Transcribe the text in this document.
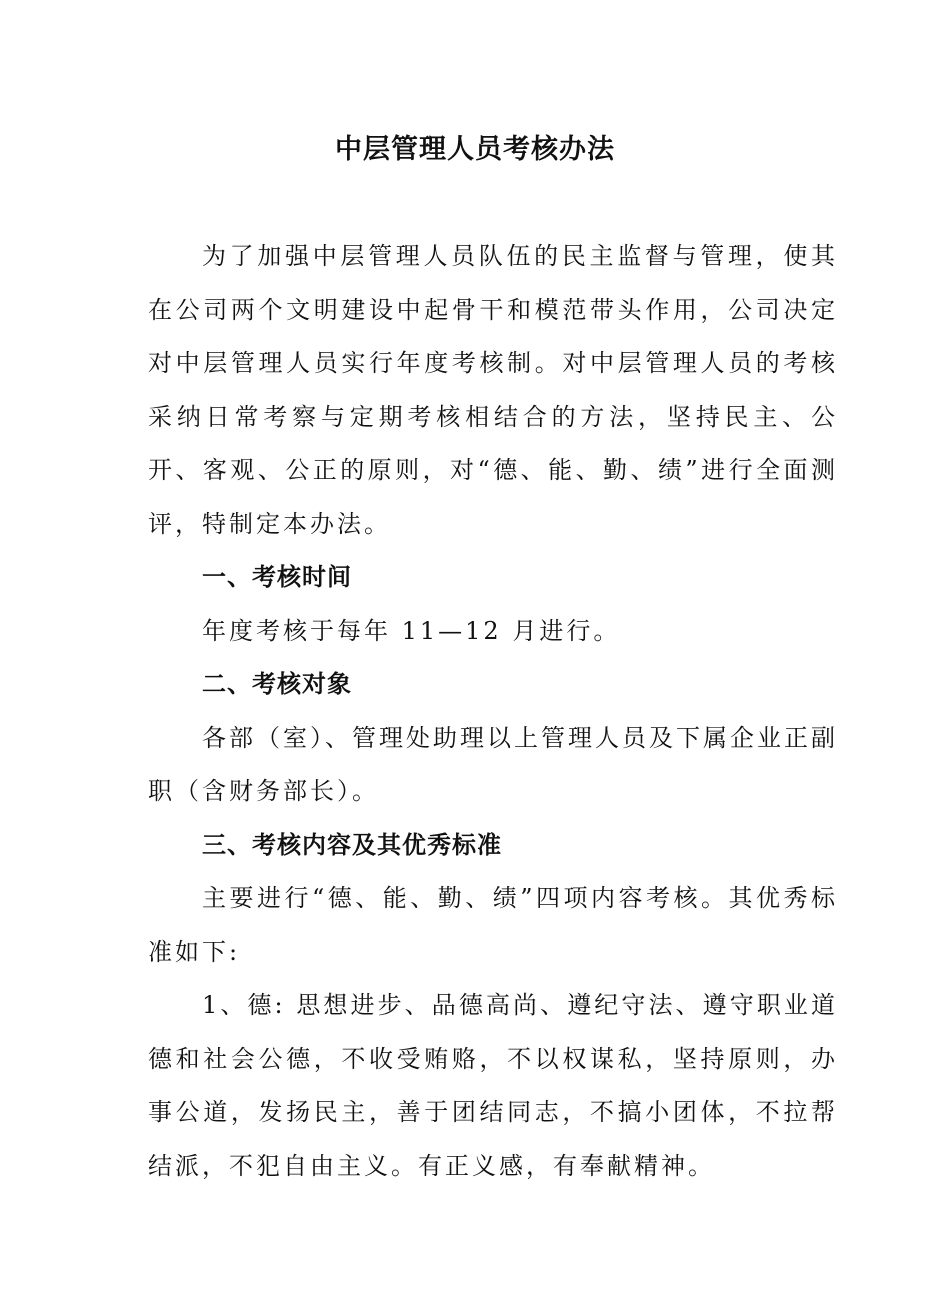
中层管理人员考核办法

为了加强中层管理人员队伍的民主监督与管理，使其在公司两个文明建设中起骨干和模范带头作用，公司决定对中层管理人员实行年度考核制。对中层管理人员的考核采纳日常考察与定期考核相结合的方法，坚持民主、公开、客观、公正的原则，对“德、能、勤、绩”进行全面测评，特制定本办法。

一、考核时间

年度考核于每年 11—12 月进行。

二、考核对象

各部（室）、管理处助理以上管理人员及下属企业正副职（含财务部长）。

三、考核内容及其优秀标准

主要进行“德、能、勤、绩”四项内容考核。其优秀标准如下:

1、德: 思想进步、品德高尚、遵纪守法、遵守职业道德和社会公德，不收受贿赂，不以权谋私，坚持原则，办事公道，发扬民主，善于团结同志，不搞小团体，不拉帮结派，不犯自由主义。有正义感，有奉献精神。
